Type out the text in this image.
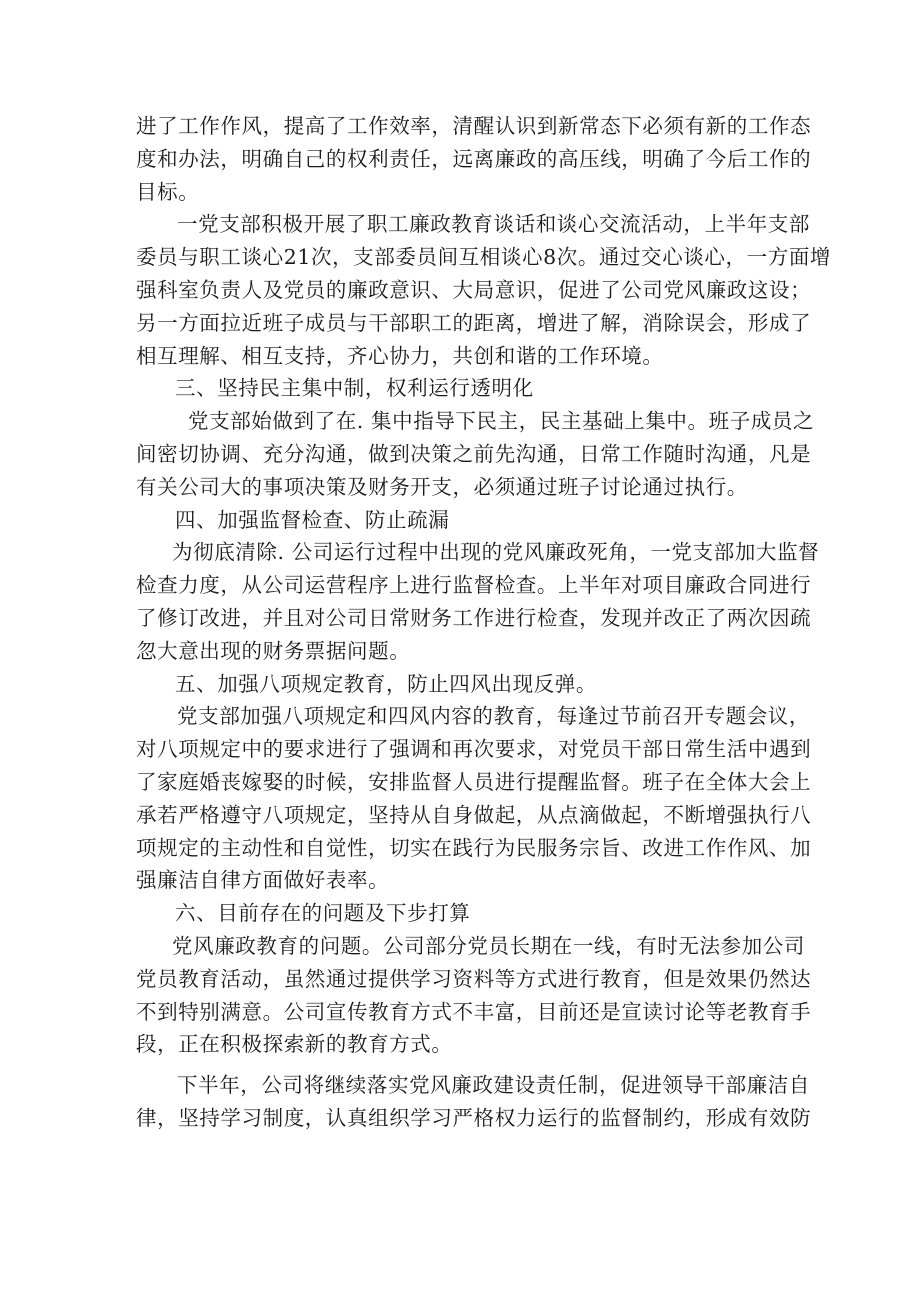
进了工作作风，提高了工作效率，清醒认识到新常态下必须有新的工作态
度和办法，明确自己的权利责任，远离廉政的高压线，明确了今后工作的
目标。
一党支部积极开展了职工廉政教育谈话和谈心交流活动，上半年支部
委员与职工谈心21次，支部委员间互相谈心8次。通过交心谈心，一方面增
强科室负责人及党员的廉政意识、大局意识，促进了公司党风廉政这设；
另一方面拉近班子成员与干部职工的距离，增进了解，消除误会，形成了
相互理解、相互支持，齐心协力，共创和谐的工作环境。
三、坚持民主集中制，权利运行透明化
党支部始做到了在. 集中指导下民主，民主基础上集中。班子成员之
间密切协调、充分沟通，做到决策之前先沟通，日常工作随时沟通，凡是
有关公司大的事项决策及财务开支，必须通过班子讨论通过执行。
四、加强监督检查、防止疏漏
为彻底清除. 公司运行过程中出现的党风廉政死角，一党支部加大监督
检查力度，从公司运营程序上进行监督检查。上半年对项目廉政合同进行
了修订改进，并且对公司日常财务工作进行检查，发现并改正了两次因疏
忽大意出现的财务票据问题。
五、加强八项规定教育，防止四风出现反弹。
党支部加强八项规定和四风内容的教育，每逢过节前召开专题会议，
对八项规定中的要求进行了强调和再次要求，对党员干部日常生活中遇到
了家庭婚丧嫁娶的时候，安排监督人员进行提醒监督。班子在全体大会上
承若严格遵守八项规定，坚持从自身做起，从点滴做起，不断增强执行八
项规定的主动性和自觉性，切实在践行为民服务宗旨、改进工作作风、加
强廉洁自律方面做好表率。
六、目前存在的问题及下步打算
党风廉政教育的问题。公司部分党员长期在一线，有时无法参加公司
党员教育活动，虽然通过提供学习资料等方式进行教育，但是效果仍然达
不到特别满意。公司宣传教育方式不丰富，目前还是宣读讨论等老教育手
段，正在积极探索新的教育方式。
下半年，公司将继续落实党风廉政建设责任制，促进领导干部廉洁自
律，坚持学习制度，认真组织学习严格权力运行的监督制约，形成有效防
